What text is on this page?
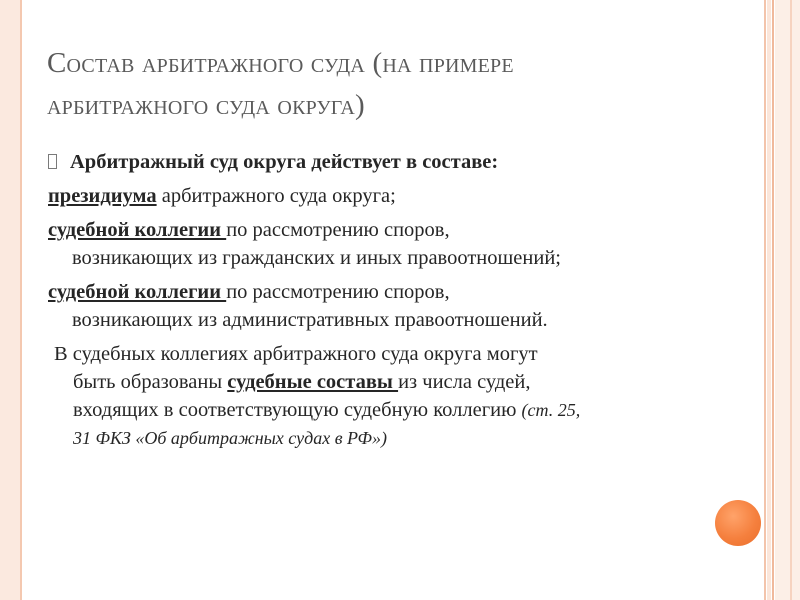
Состав арбитражного суда (на примере
арбитражного суда округа)
Арбитражный суд округа действует в составе:
президиума арбитражного суда округа;
судебной коллегии по рассмотрению споров,
возникающих из гражданских и иных правоотношений;
судебной коллегии по рассмотрению споров,
возникающих из административных правоотношений.
В судебных коллегиях арбитражного суда округа могут
быть образованы судебные составы из числа судей,
входящих в соответствующую судебную коллегию (ст. 25,
31 ФКЗ «Об арбитражных судах в РФ»)
